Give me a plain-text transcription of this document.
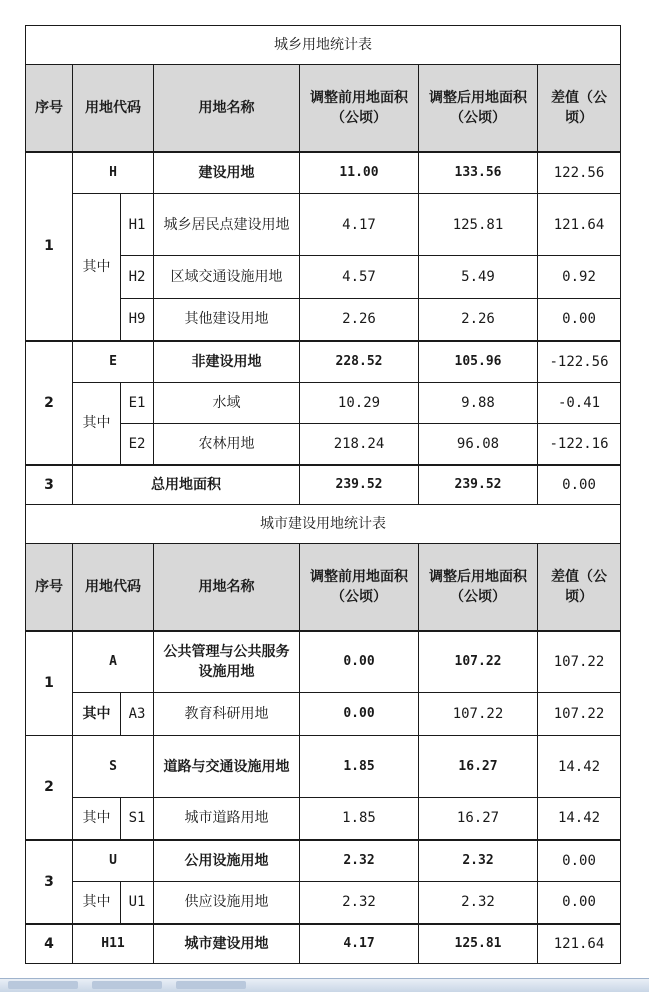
城乡用地统计表						
序号	用地代码		用地名称	调整前用地面积（公顷）	调整后用地面积（公顷）	差值（公顷）
1	H		建设用地	11.00	133.56	122.56
	其中	H1	城乡居民点建设用地	4.17	125.81	121.64
		H2	区域交通设施用地	4.57	5.49	0.92
		H9	其他建设用地	2.26	2.26	0.00
2	E		非建设用地	228.52	105.96	-122.56
	其中	E1	水域	10.29	9.88	-0.41
		E2	农林用地	218.24	96.08	-122.16
3	总用地面积			239.52	239.52	0.00
城市建设用地统计表						
序号	用地代码		用地名称	调整前用地面积（公顷）	调整后用地面积（公顷）	差值（公顷）
1	A		公共管理与公共服务设施用地	0.00	107.22	107.22
	其中	A3	教育科研用地	0.00	107.22	107.22
2	S		道路与交通设施用地	1.85	16.27	14.42
	其中	S1	城市道路用地	1.85	16.27	14.42
3	U		公用设施用地	2.32	2.32	0.00
	其中	U1	供应设施用地	2.32	2.32	0.00
4	H11		城市建设用地	4.17	125.81	121.64
